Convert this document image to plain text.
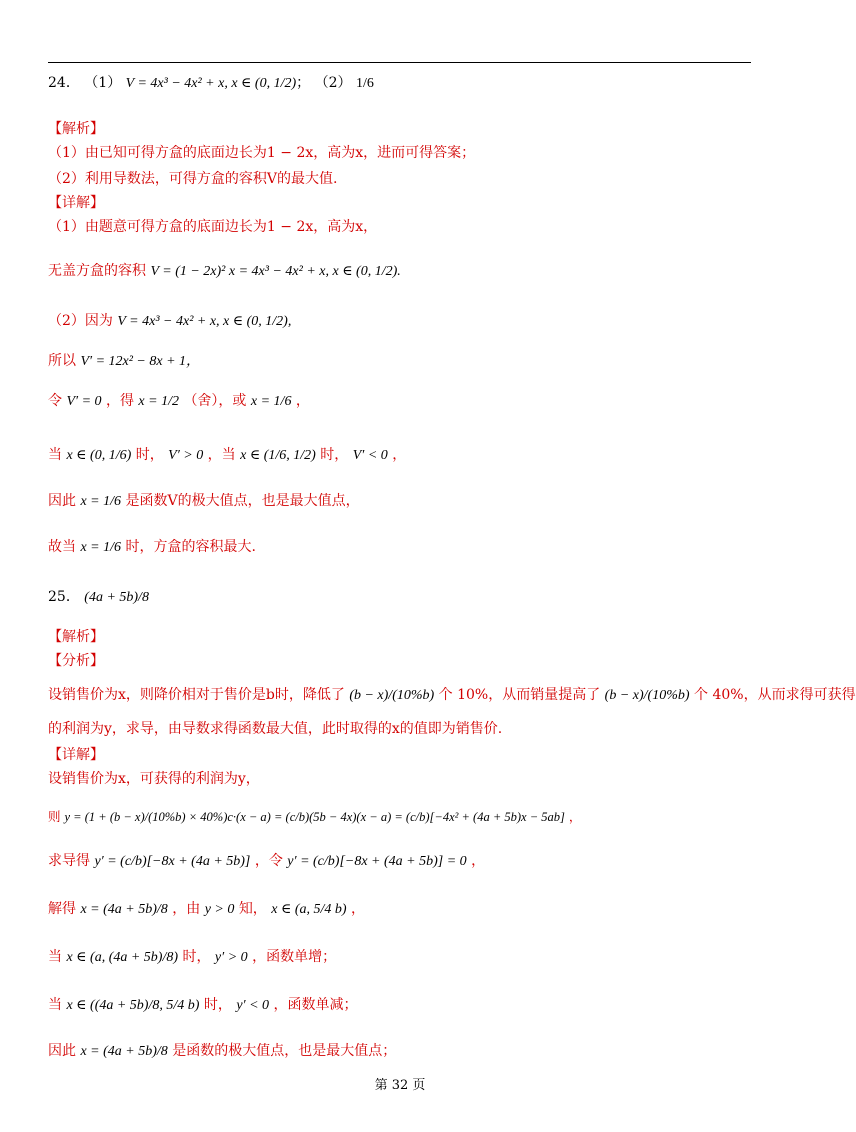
24． （1） V = 4x³ − 4x² + x, x ∈ (0, 1/2)； （2） 1/6
【解析】
（1）由已知可得方盒的底面边长为1 − 2x，高为x，进而可得答案；
（2）利用导数法，可得方盒的容积V的最大值.
【详解】
（1）由题意可得方盒的底面边长为1 − 2x，高为x，
无盖方盒的容积 V = (1 − 2x)² x = 4x³ − 4x² + x, x ∈ (0, 1/2).
（2）因为 V = 4x³ − 4x² + x, x ∈ (0, 1/2),
所以 V′ = 12x² − 8x + 1，
令 V′ = 0 ，得 x = 1/2 （舍），或 x = 1/6 ，
当 x ∈ (0, 1/6) 时， V′ > 0 ，当 x ∈ (1/6, 1/2) 时， V′ < 0 ，
因此 x = 1/6 是函数V的极大值点，也是最大值点，
故当 x = 1/6 时，方盒的容积最大.
25． (4a + 5b)/8
【解析】
【分析】
设销售价为x，则降价相对于售价是b时，降低了 (b − x)/(10%b) 个 10%，从而销量提高了 (b − x)/(10%b) 个 40%，从而求得可获得
的利润为y，求导，由导数求得函数最大值，此时取得的x的值即为销售价.
【详解】
设销售价为x，可获得的利润为y，
则 y = (1 + (b − x)/(10%b) × 40%)c·(x − a) = (c/b)(5b − 4x)(x − a) = (c/b)[−4x² + (4a + 5b)x − 5ab] ，
求导得 y′ = (c/b)[−8x + (4a + 5b)] ，令 y′ = (c/b)[−8x + (4a + 5b)] = 0 ，
解得 x = (4a + 5b)/8 ，由 y > 0 知， x ∈ (a, 5/4 b) ，
当 x ∈ (a, (4a + 5b)/8) 时， y′ > 0 ，函数单增；
当 x ∈ ((4a + 5b)/8, 5/4 b) 时， y′ < 0 ，函数单减；
因此 x = (4a + 5b)/8 是函数的极大值点，也是最大值点；
第 32 页
